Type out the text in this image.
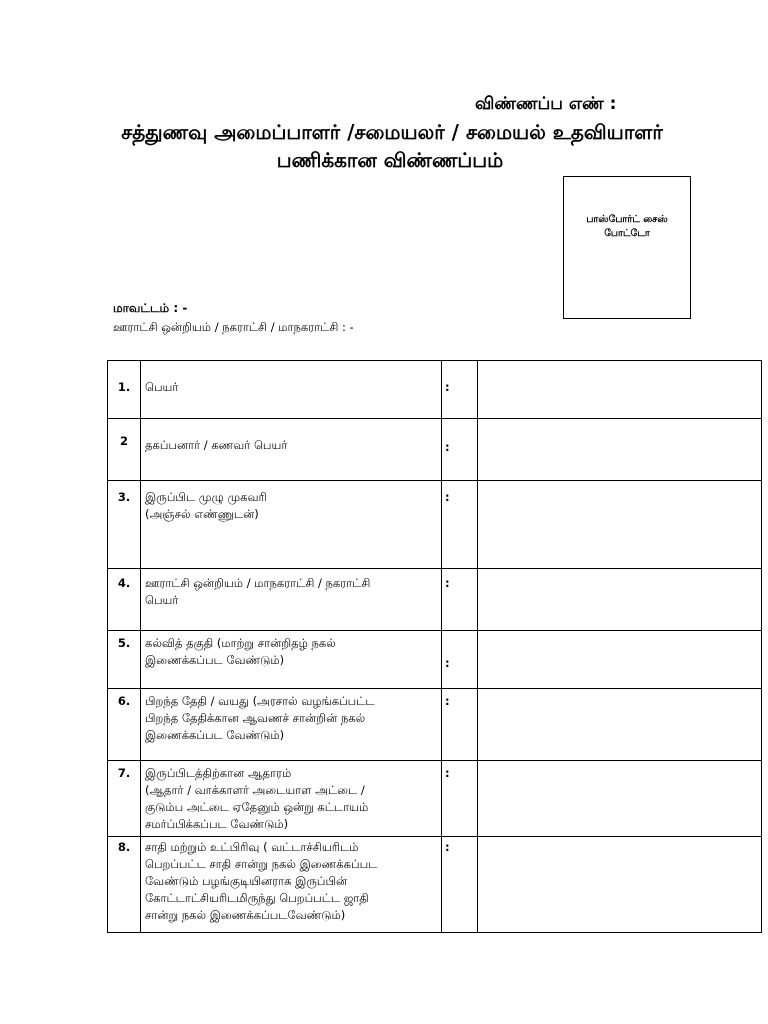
விண்ணப்ப எண் :
சத்துணவு அமைப்பாளர் /சமையலர் / சமையல் உதவியாளர்
பணிக்கான விண்ணப்பம்
பாஸ்போர்ட் சைஸ் போட்டோ
மாவட்டம் : -
ஊராட்சி ஒன்றியம் / நகராட்சி / மாநகராட்சி : -
1.	பெயர்	:	
2	தகப்பனார் / கணவர் பெயர்	:	
3.	இருப்பிட முழு முகவரி
(அஞ்சல் எண்ணுடன்)	:	
4.	ஊராட்சி ஒன்றியம் / மாநகராட்சி / நகராட்சி
பெயர்	:	
5.	கல்வித் தகுதி (மாற்று சான்றிதழ் நகல்
இணைக்கப்பட வேண்டும்)	:	
6.	பிறந்த தேதி / வயது (அரசால் வழங்கப்பட்ட
பிறந்த தேதிக்கான ஆவணச் சான்றின் நகல்
இணைக்கப்பட வேண்டும்)	:	
7.	இருப்பிடத்திற்கான ஆதாரம்
(ஆதார் / வாக்காளர் அடையாள அட்டை /
குடும்ப அட்டை ஏதேனும் ஒன்று கட்டாயம்
சமர்ப்பிக்கப்பட வேண்டும்)	:	
8.	சாதி மற்றும் உட்பிரிவு ( வட்டாச்சியரிடம்
பெறப்பட்ட சாதி சான்று நகல் இணைக்கப்பட
வேண்டும் பழங்குடியினராக இருப்பின்
கோட்டாட்சியரிடமிருந்து பெறப்பட்ட ஜாதி
சான்று நகல் இணைக்கப்படவேண்டும்)	:	
